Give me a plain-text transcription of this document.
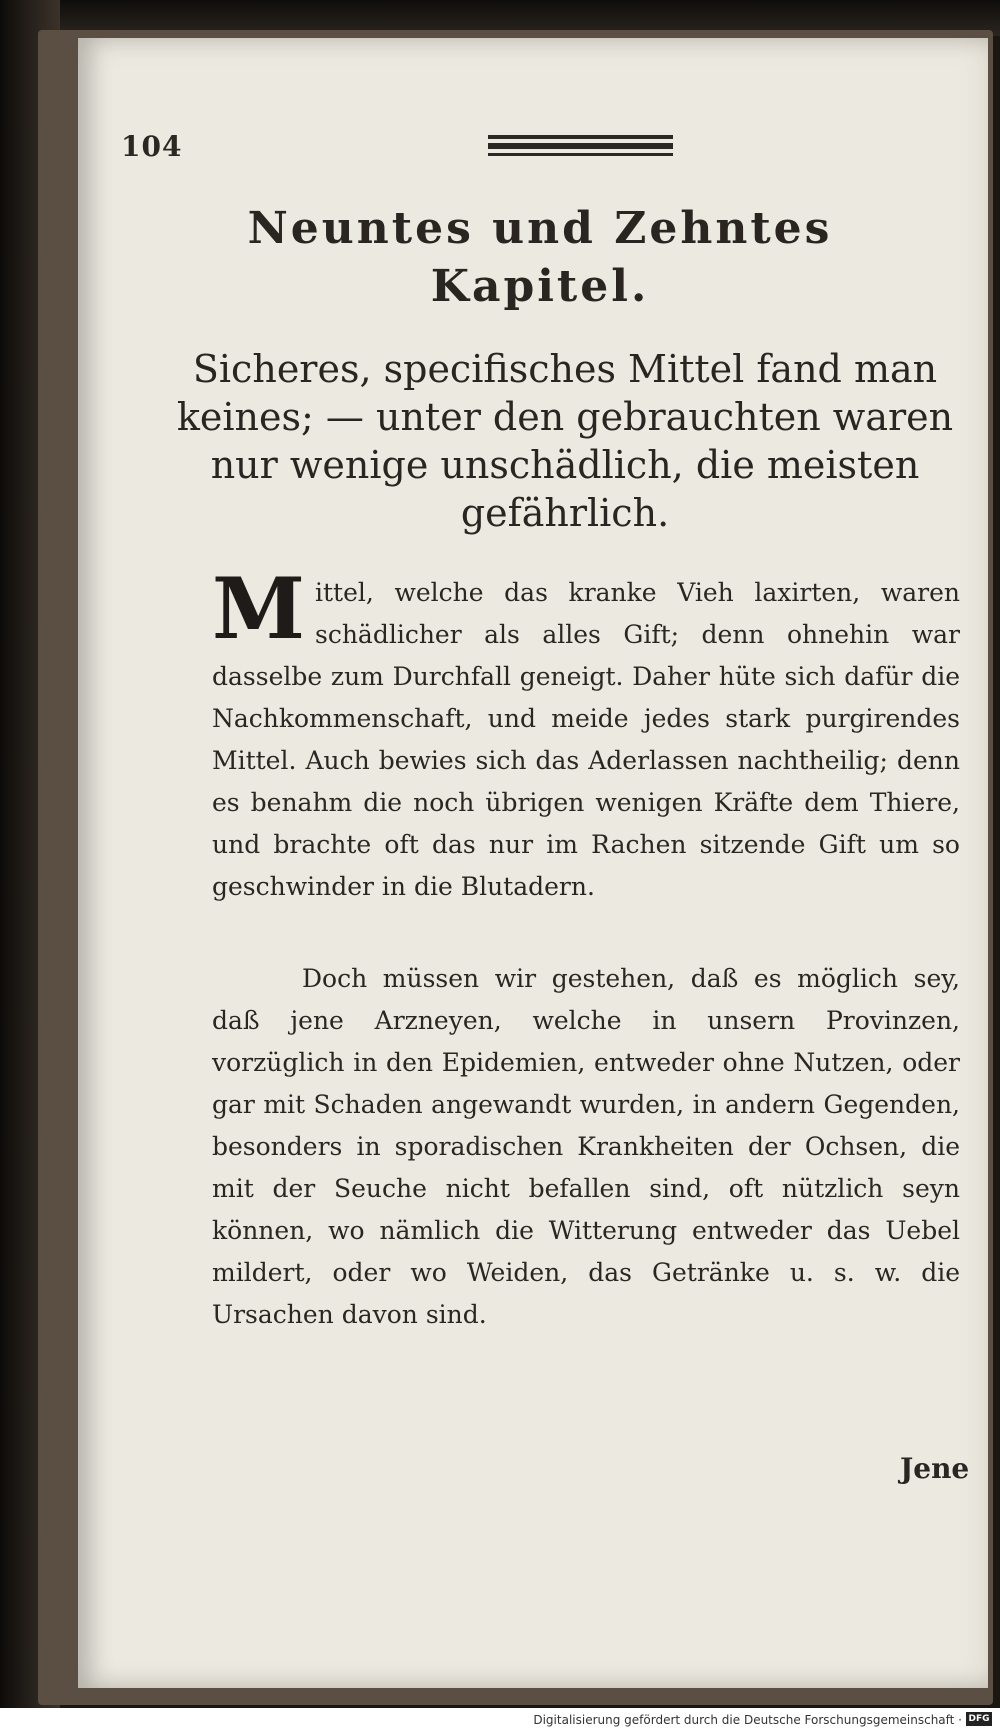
104
Neuntes und Zehntes
Kapitel.
Sicheres, specifisches Mittel fand man keines; — unter den gebrauchten waren nur wenige unschädlich, die meisten gefährlich.

Mittel, welche das kranke Vieh laxirten, waren schädlicher als alles Gift; denn ohnehin war dasselbe zum Durchfall geneigt. Daher hüte sich dafür die Nachkommenschaft, und meide jedes stark purgirendes Mittel. Auch bewies sich das Aderlassen nachtheilig; denn es benahm die noch übrigen wenigen Kräfte dem Thiere, und brachte oft das nur im Rachen sitzende Gift um so geschwinder in die Blutadern.

Doch müssen wir gestehen, daß es möglich sey, daß jene Arzneyen, welche in unsern Provinzen, vorzüglich in den Epidemien, entweder ohne Nutzen, oder gar mit Schaden angewandt wurden, in andern Gegenden, besonders in sporadischen Krankheiten der Ochsen, die mit der Seuche nicht befallen sind, oft nützlich seyn können, wo nämlich die Witterung entweder das Uebel mildert, oder wo Weiden, das Getränke u. s. w. die Ursachen davon sind.

Jene
Digitalisierung gefördert durch die Deutsche Forschungsgemeinschaft · DFG
